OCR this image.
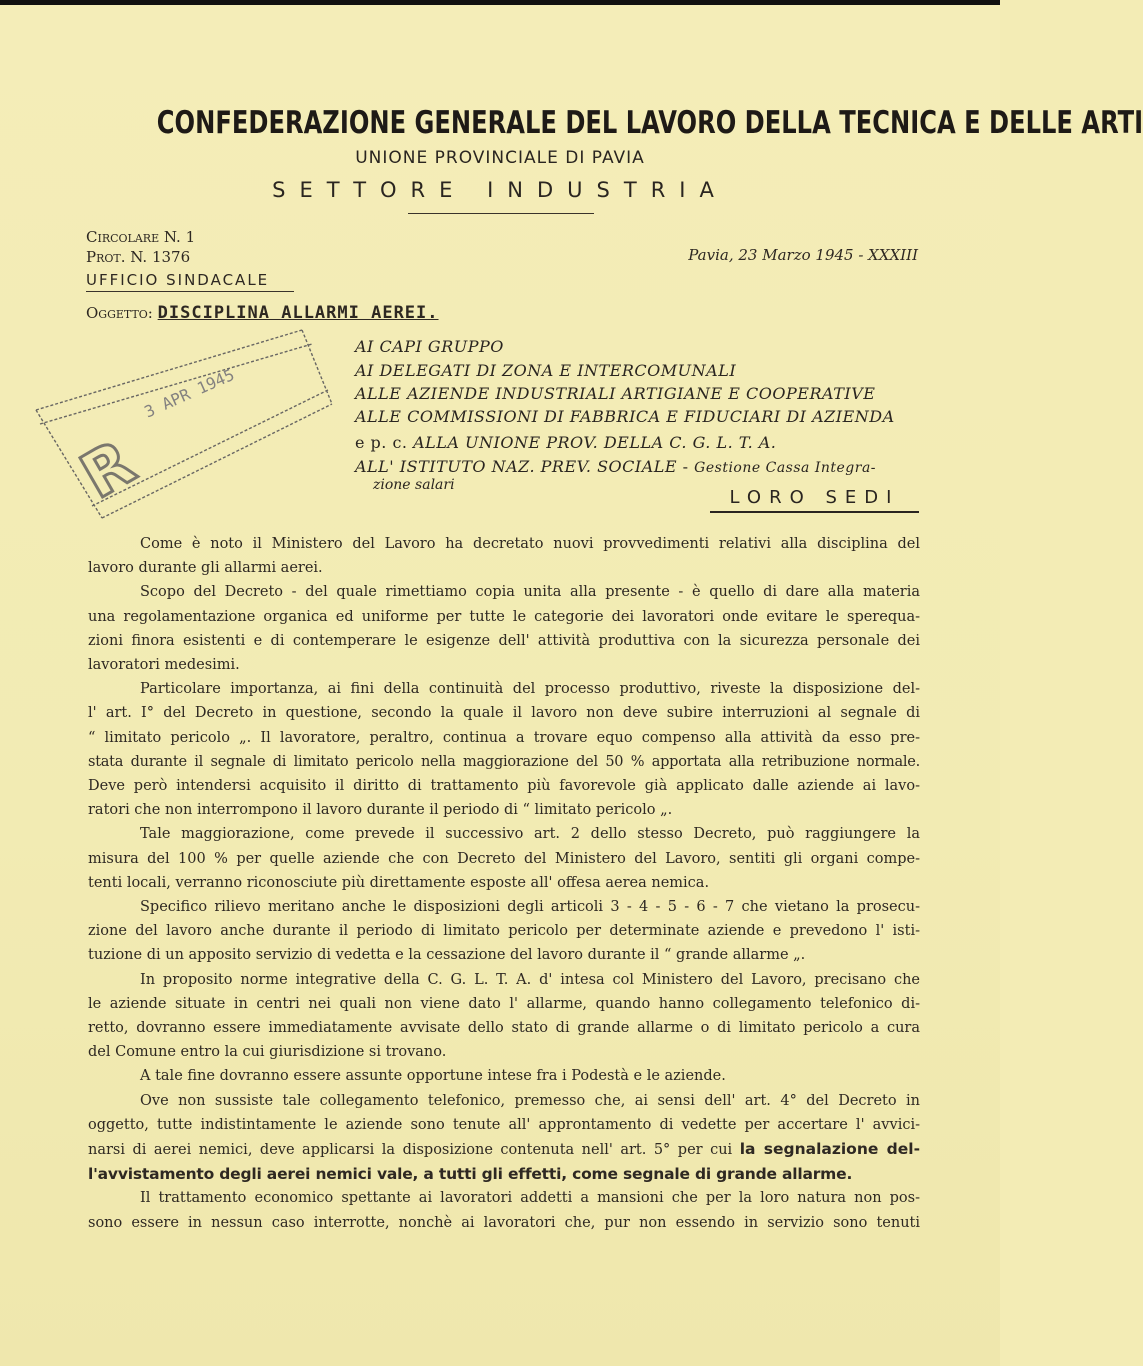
CONFEDERAZIONE GENERALE DEL LAVORO DELLA TECNICA E DELLE ARTI
UNIONE PROVINCIALE DI PAVIA
SETTORE INDUSTRIA
Circolare N. 1
Prot. N. 1376
UFFICIO SINDACALE
Pavia, 23 Marzo 1945 - XXXIII
Oggetto: DISCIPLINA ALLARMI AEREI.
3 APR 1945
R
AI CAPI GRUPPO
AI DELEGATI DI ZONA E INTERCOMUNALI
ALLE AZIENDE INDUSTRIALI ARTIGIANE E COOPERATIVE
ALLE COMMISSIONI DI FABBRICA E FIDUCIARI DI AZIENDA
e p. c. ALLA UNIONE PROV. DELLA C. G. L. T. A.
ALL' ISTITUTO NAZ. PREV. SOCIALE - Gestione Cassa Integra-
zione salari
LORO SEDI
Come è noto il Ministero del Lavoro ha decretato nuovi provvedimenti relativi alla disciplina del
lavoro durante gli allarmi aerei.
Scopo del Decreto - del quale rimettiamo copia unita alla presente - è quello di dare alla materia
una regolamentazione organica ed uniforme per tutte le categorie dei lavoratori onde evitare le sperequa-
zioni finora esistenti e di contemperare le esigenze dell' attività produttiva con la sicurezza personale dei
lavoratori medesimi.
Particolare importanza, ai fini della continuità del processo produttivo, riveste la disposizione del-
l' art. I° del Decreto in questione, secondo la quale il lavoro non deve subire interruzioni al segnale di
“ limitato pericolo „. Il lavoratore, peraltro, continua a trovare equo compenso alla attività da esso pre-
stata durante il segnale di limitato pericolo nella maggiorazione del 50 % apportata alla retribuzione normale.
Deve però intendersi acquisito il diritto di trattamento più favorevole già applicato dalle aziende ai lavo-
ratori che non interrompono il lavoro durante il periodo di “ limitato pericolo „.
Tale maggiorazione, come prevede il successivo art. 2 dello stesso Decreto, può raggiungere la
misura del 100 % per quelle aziende che con Decreto del Ministero del Lavoro, sentiti gli organi compe-
tenti locali, verranno riconosciute più direttamente esposte all' offesa aerea nemica.
Specifico rilievo meritano anche le disposizioni degli articoli 3 - 4 - 5 - 6 - 7 che vietano la prosecu-
zione del lavoro anche durante il periodo di limitato pericolo per determinate aziende e prevedono l' isti-
tuzione di un apposito servizio di vedetta e la cessazione del lavoro durante il “ grande allarme „.
In proposito norme integrative della C. G. L. T. A. d' intesa col Ministero del Lavoro, precisano che
le aziende situate in centri nei quali non viene dato l' allarme, quando hanno collegamento telefonico di-
retto, dovranno essere immediatamente avvisate dello stato di grande allarme o di limitato pericolo a cura
del Comune entro la cui giurisdizione si trovano.
A tale fine dovranno essere assunte opportune intese fra i Podestà e le aziende.
Ove non sussiste tale collegamento telefonico, premesso che, ai sensi dell' art. 4° del Decreto in
oggetto, tutte indistintamente le aziende sono tenute all' approntamento di vedette per accertare l' avvici-
narsi di aerei nemici, deve applicarsi la disposizione contenuta nell' art. 5° per cui la segnalazione del-
l'avvistamento degli aerei nemici vale, a tutti gli effetti, come segnale di grande allarme.
Il trattamento economico spettante ai lavoratori addetti a mansioni che per la loro natura non pos-
sono essere in nessun caso interrotte, nonchè ai lavoratori che, pur non essendo in servizio sono tenuti
